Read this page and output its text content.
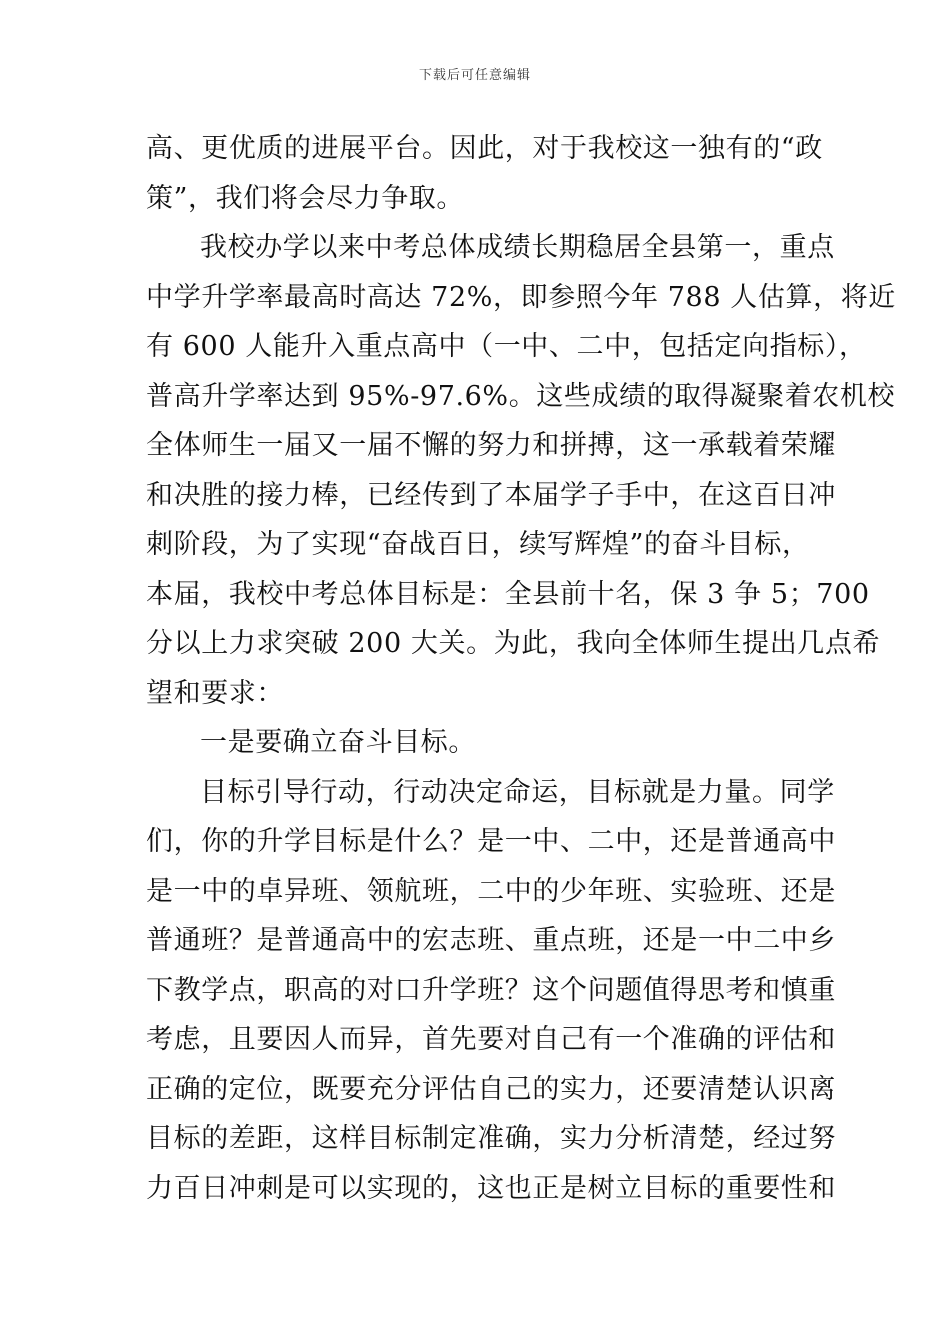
下载后可任意编辑
高、更优质的进展平台。因此，对于我校这一独有的“政
策”，我们将会尽力争取。
我校办学以来中考总体成绩长期稳居全县第一，重点
中学升学率最高时高达 72%，即参照今年 788 人估算，将近
有 600 人能升入重点高中（一中、二中，包括定向指标），
普高升学率达到 95%-97.6%。这些成绩的取得凝聚着农机校
全体师生一届又一届不懈的努力和拼搏，这一承载着荣耀
和决胜的接力棒，已经传到了本届学子手中，在这百日冲
刺阶段，为了实现“奋战百日，续写辉煌”的奋斗目标，
本届，我校中考总体目标是：全县前十名，保 3 争 5；700
分以上力求突破 200 大关。为此，我向全体师生提出几点希
望和要求：
一是要确立奋斗目标。
目标引导行动，行动决定命运，目标就是力量。同学
们，你的升学目标是什么？是一中、二中，还是普通高中
是一中的卓异班、领航班，二中的少年班、实验班、还是
普通班？是普通高中的宏志班、重点班，还是一中二中乡
下教学点，职高的对口升学班？这个问题值得思考和慎重
考虑，且要因人而异，首先要对自己有一个准确的评估和
正确的定位，既要充分评估自己的实力，还要清楚认识离
目标的差距，这样目标制定准确，实力分析清楚，经过努
力百日冲刺是可以实现的，这也正是树立目标的重要性和
